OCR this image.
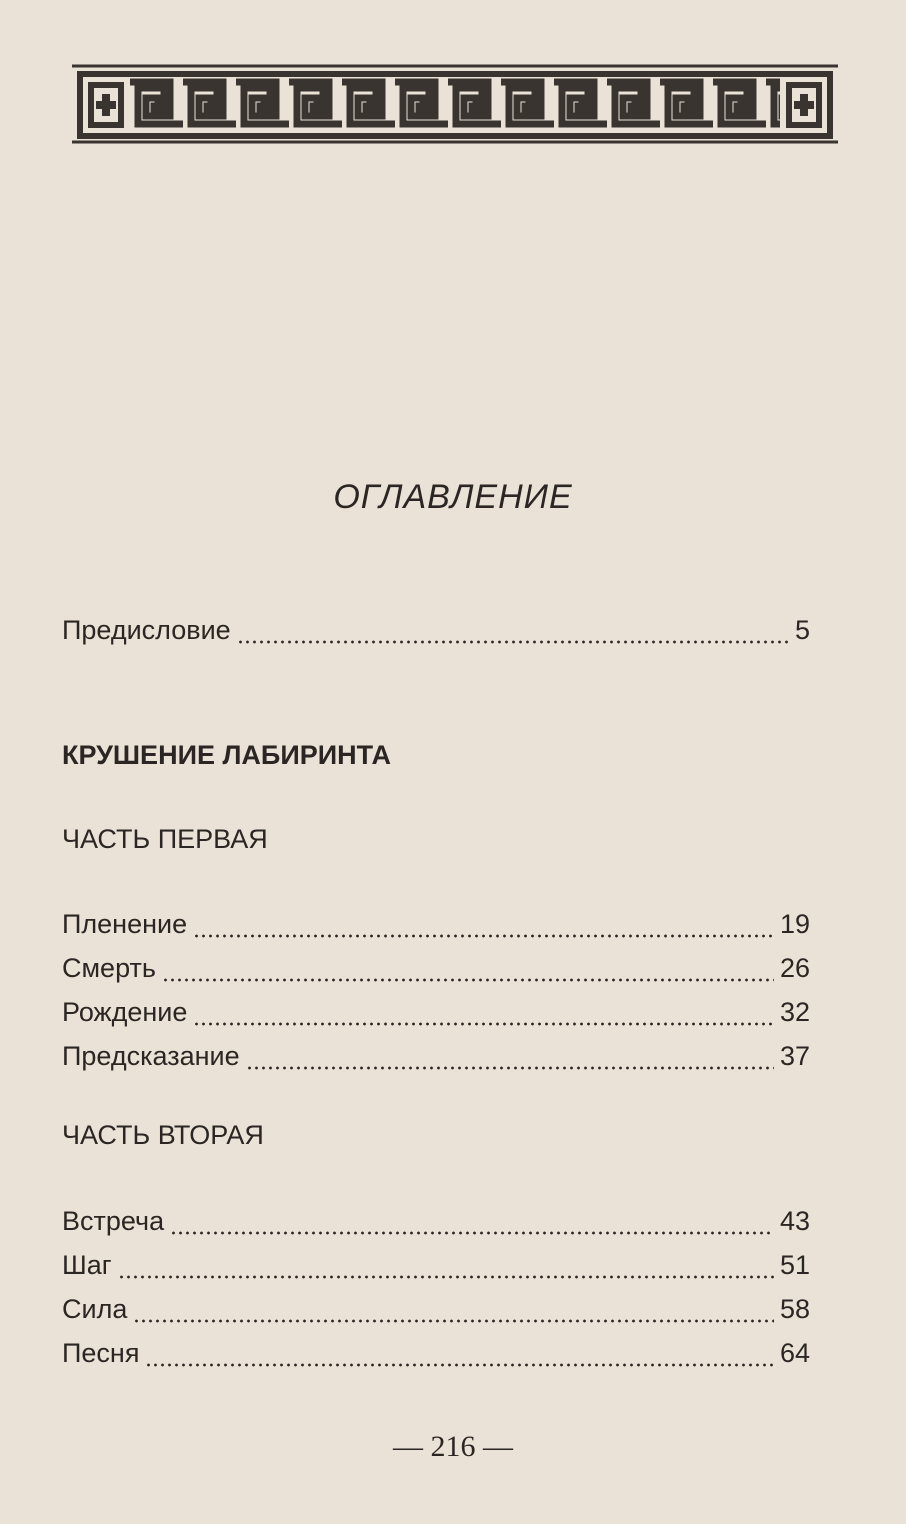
ОГЛАВЛЕНИЕ
Предисловие	5
КРУШЕНИЕ ЛАБИРИНТА
ЧАСТЬ ПЕРВАЯ
Пленение	19
Смерть	26
Рождение	32
Предсказание	37
ЧАСТЬ ВТОРАЯ
Встреча	43
Шаг	51
Сила	58
Песня	64
— 216 —
